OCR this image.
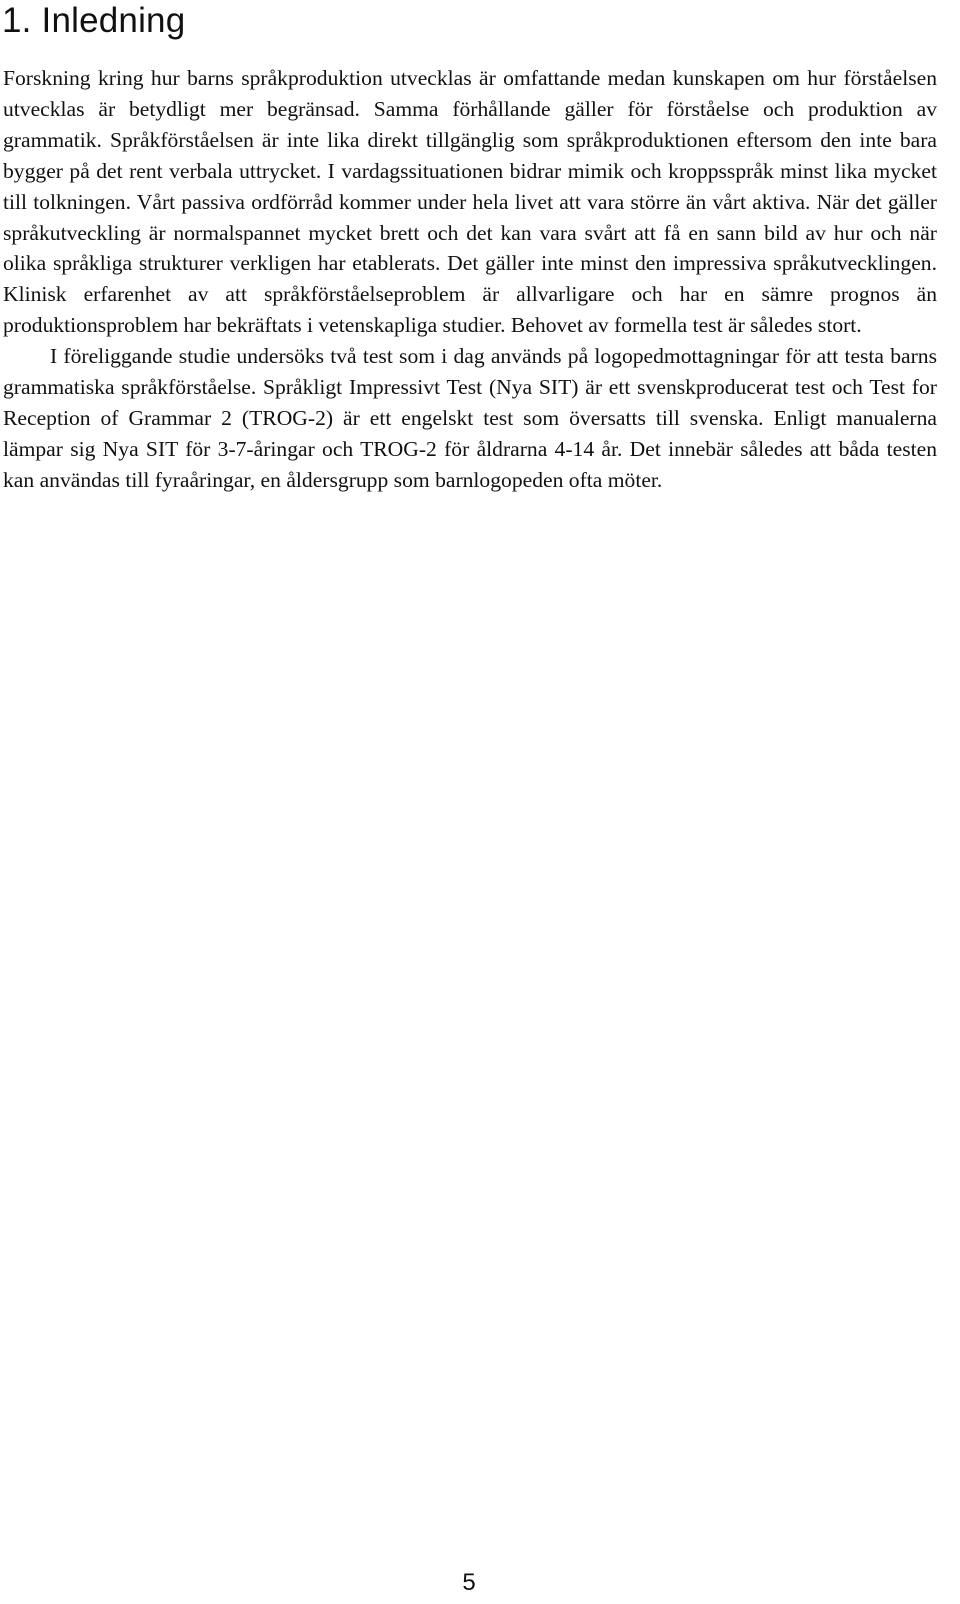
1. Inledning

Forskning kring hur barns språkproduktion utvecklas är omfattande medan kunskapen om hur förståelsen utvecklas är betydligt mer begränsad. Samma förhållande gäller för förståelse och produktion av grammatik. Språkförståelsen är inte lika direkt tillgänglig som språkproduktionen eftersom den inte bara bygger på det rent verbala uttrycket. I vardagssituationen bidrar mimik och kroppsspråk minst lika mycket till tolkningen. Vårt passiva ordförråd kommer under hela livet att vara större än vårt aktiva. När det gäller språkutveckling är normalspannet mycket brett och det kan vara svårt att få en sann bild av hur och när olika språkliga strukturer verkligen har etablerats. Det gäller inte minst den impressiva språkutvecklingen. Klinisk erfarenhet av att språkförståelseproblem är allvarligare och har en sämre prognos än produktionsproblem har bekräftats i vetenskapliga studier. Behovet av formella test är således stort.

I föreliggande studie undersöks två test som i dag används på logopedmottagningar för att testa barns grammatiska språkförståelse. Språkligt Impressivt Test (Nya SIT) är ett svenskproducerat test och Test for Reception of Grammar 2 (TROG-2) är ett engelskt test som översatts till svenska. Enligt manualerna lämpar sig Nya SIT för 3-7-åringar och TROG-2 för åldrarna 4-14 år. Det innebär således att båda testen kan användas till fyraåringar, en åldersgrupp som barnlogopeden ofta möter.

5
